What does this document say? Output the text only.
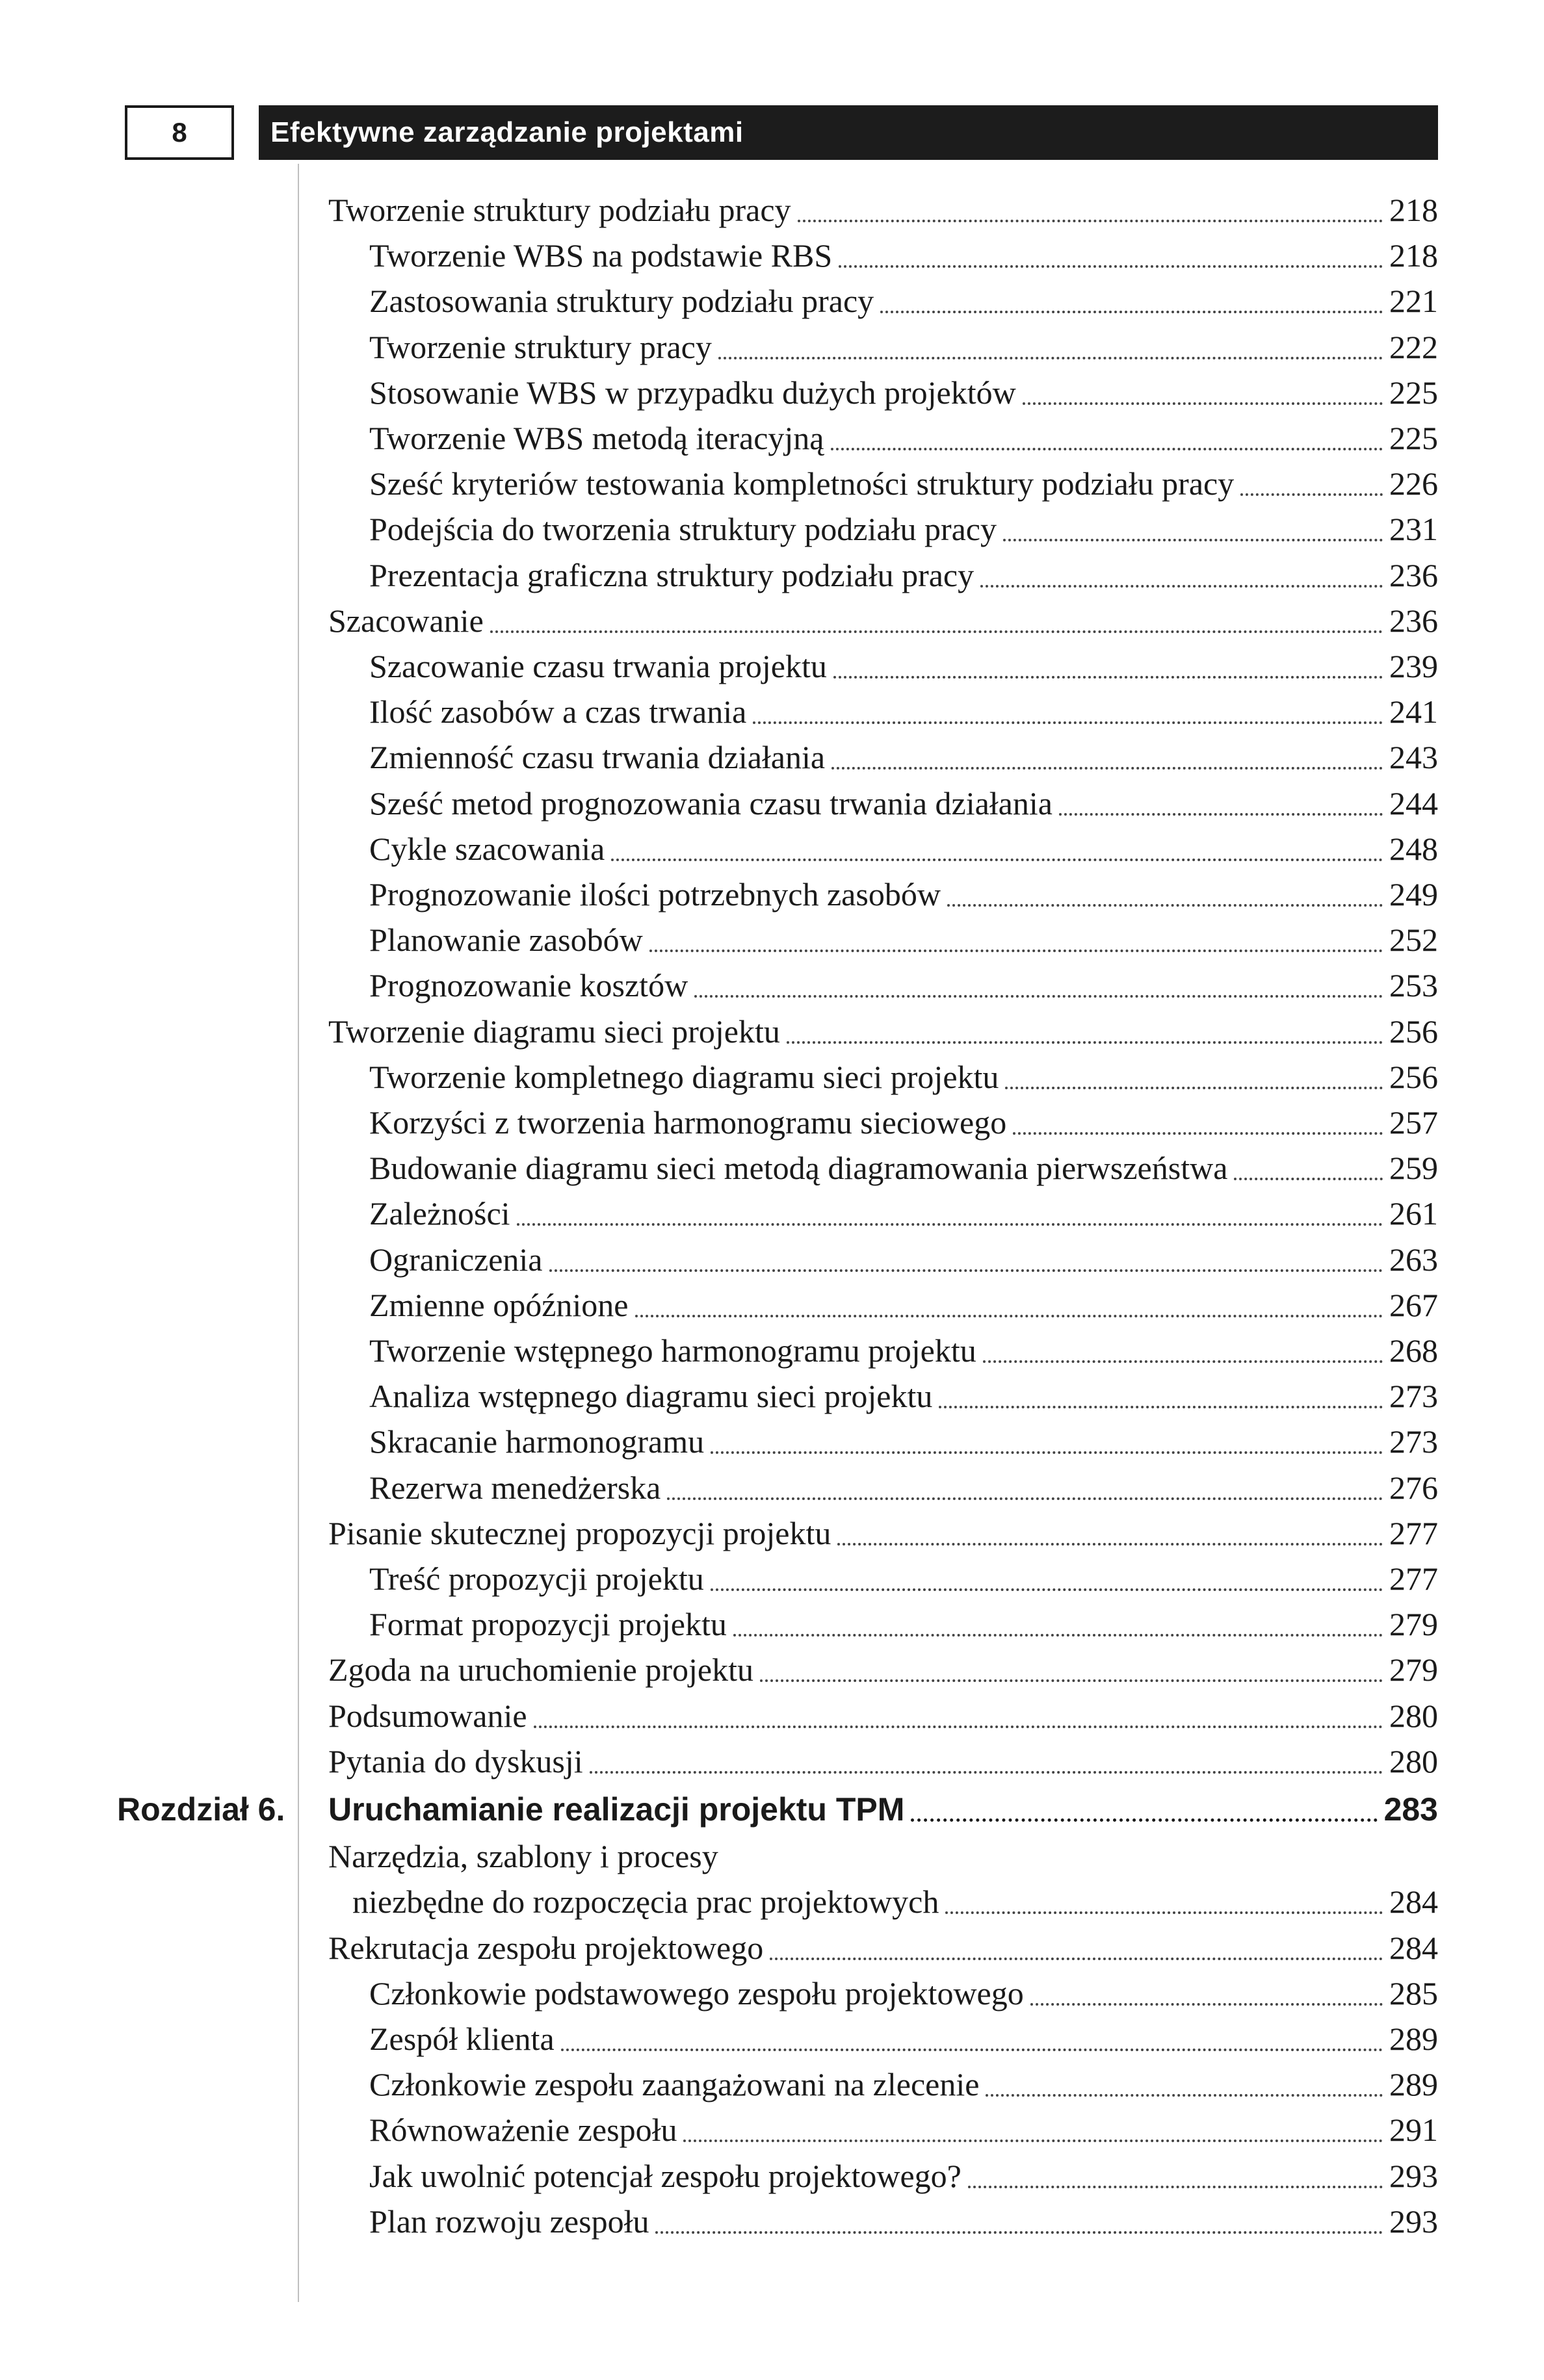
8	Efektywne zarządzanie projektami
Tworzenie struktury podziału pracy	218
Tworzenie WBS na podstawie RBS	218
Zastosowania struktury podziału pracy	221
Tworzenie struktury pracy	222
Stosowanie WBS w przypadku dużych projektów	225
Tworzenie WBS metodą iteracyjną	225
Sześć kryteriów testowania kompletności struktury podziału pracy	226
Podejścia do tworzenia struktury podziału pracy	231
Prezentacja graficzna struktury podziału pracy	236
Szacowanie	236
Szacowanie czasu trwania projektu	239
Ilość zasobów a czas trwania	241
Zmienność czasu trwania działania	243
Sześć metod prognozowania czasu trwania działania	244
Cykle szacowania	248
Prognozowanie ilości potrzebnych zasobów	249
Planowanie zasobów	252
Prognozowanie kosztów	253
Tworzenie diagramu sieci projektu	256
Tworzenie kompletnego diagramu sieci projektu	256
Korzyści z tworzenia harmonogramu sieciowego	257
Budowanie diagramu sieci metodą diagramowania pierwszeństwa	259
Zależności	261
Ograniczenia	263
Zmienne opóźnione	267
Tworzenie wstępnego harmonogramu projektu	268
Analiza wstępnego diagramu sieci projektu	273
Skracanie harmonogramu	273
Rezerwa menedżerska	276
Pisanie skutecznej propozycji projektu	277
Treść propozycji projektu	277
Format propozycji projektu	279
Zgoda na uruchomienie projektu	279
Podsumowanie	280
Pytania do dyskusji	280
Rozdział 6.	Uruchamianie realizacji projektu TPM	283
Narzędzia, szablony i procesy
niezbędne do rozpoczęcia prac projektowych	284
Rekrutacja zespołu projektowego	284
Członkowie podstawowego zespołu projektowego	285
Zespół klienta	289
Członkowie zespołu zaangażowani na zlecenie	289
Równoważenie zespołu	291
Jak uwolnić potencjał zespołu projektowego?	293
Plan rozwoju zespołu	293
